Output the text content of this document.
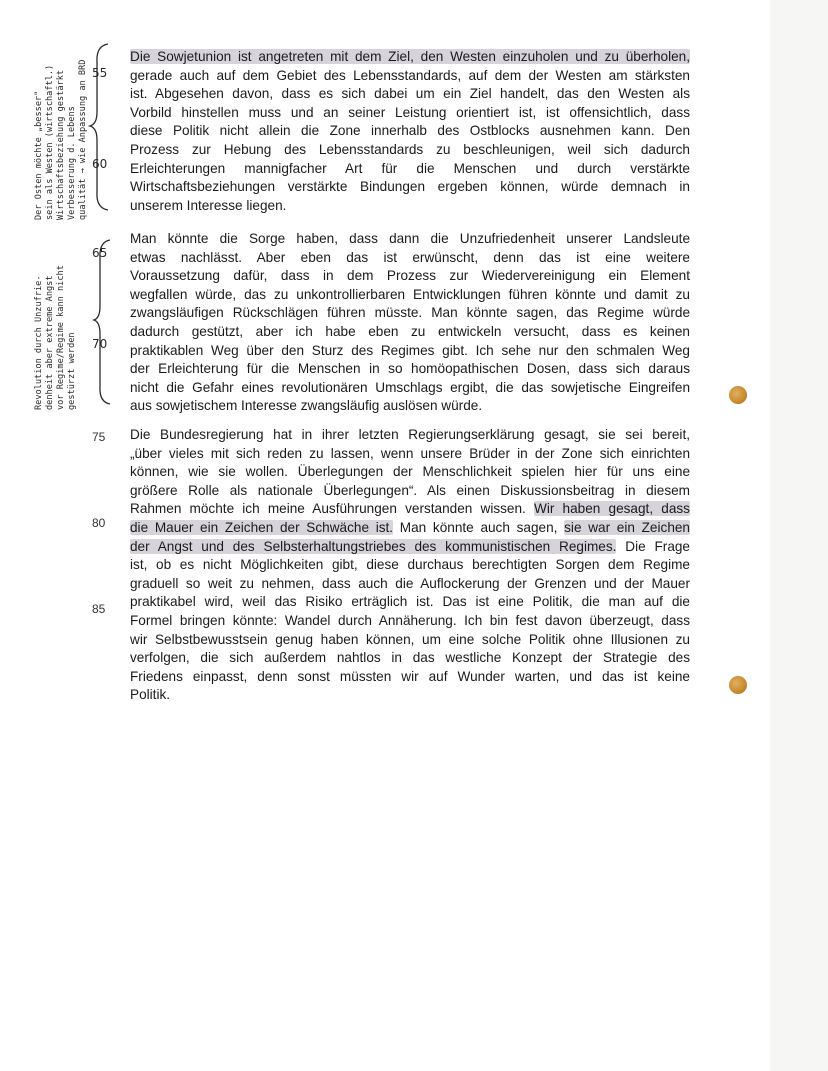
Der Osten möchte „besser" sein als Westen (wirtschaftl.) Wirtschaftsbeziehung gestärkt Verbesserung d. Lebens qualität → wie Anpassung an BRD
Revolution durch Unzufrie- denheit aber extreme Angst vor Regime/Regime kann nicht gestürzt werden
55
60
65
70
75
80
85
Die Sowjetunion ist angetreten mit dem Ziel, den Westen einzuholen und zu überholen,
gerade auch auf dem Gebiet des Lebensstandards, auf dem der Westen am stärksten
ist. Abgesehen davon, dass es sich dabei um ein Ziel handelt, das den Westen als
Vorbild hinstellen muss und an seiner Leistung orientiert ist, ist offensichtlich, dass
diese Politik nicht allein die Zone innerhalb des Ostblocks ausnehmen kann. Den
Prozess zur Hebung des Lebensstandards zu beschleunigen, weil sich dadurch
Erleichterungen mannigfacher Art für die Menschen und durch verstärkte
Wirtschaftsbeziehungen verstärkte Bindungen ergeben können, würde demnach in
unserem Interesse liegen.
Man könnte die Sorge haben, dass dann die Unzufriedenheit unserer Landsleute
etwas nachlässt. Aber eben das ist erwünscht, denn das ist eine weitere
Voraussetzung dafür, dass in dem Prozess zur Wiedervereinigung ein Element
wegfallen würde, das zu unkontrollierbaren Entwicklungen führen könnte und damit zu
zwangsläufigen Rückschlägen führen müsste. Man könnte sagen, das Regime würde
dadurch gestützt, aber ich habe eben zu entwickeln versucht, dass es keinen
praktikablen Weg über den Sturz des Regimes gibt. Ich sehe nur den schmalen Weg
der Erleichterung für die Menschen in so homöopathischen Dosen, dass sich daraus
nicht die Gefahr eines revolutionären Umschlags ergibt, die das sowjetische Eingreifen
aus sowjetischem Interesse zwangsläufig auslösen würde.
Die Bundesregierung hat in ihrer letzten Regierungserklärung gesagt, sie sei bereit,
„über vieles mit sich reden zu lassen, wenn unsere Brüder in der Zone sich einrichten
können, wie sie wollen. Überlegungen der Menschlichkeit spielen hier für uns eine
größere Rolle als nationale Überlegungen“. Als einen Diskussionsbeitrag in diesem
Rahmen möchte ich meine Ausführungen verstanden wissen. Wir haben gesagt, dass
die Mauer ein Zeichen der Schwäche ist. Man könnte auch sagen, sie war ein Zeichen
der Angst und des Selbsterhaltungstriebes des kommunistischen Regimes. Die Frage
ist, ob es nicht Möglichkeiten gibt, diese durchaus berechtigten Sorgen dem Regime
graduell so weit zu nehmen, dass auch die Auflockerung der Grenzen und der Mauer
praktikabel wird, weil das Risiko erträglich ist. Das ist eine Politik, die man auf die
Formel bringen könnte: Wandel durch Annäherung. Ich bin fest davon überzeugt, dass
wir Selbstbewusstsein genug haben können, um eine solche Politik ohne Illusionen zu
verfolgen, die sich außerdem nahtlos in das westliche Konzept der Strategie des
Friedens einpasst, denn sonst müssten wir auf Wunder warten, und das ist keine
Politik.
